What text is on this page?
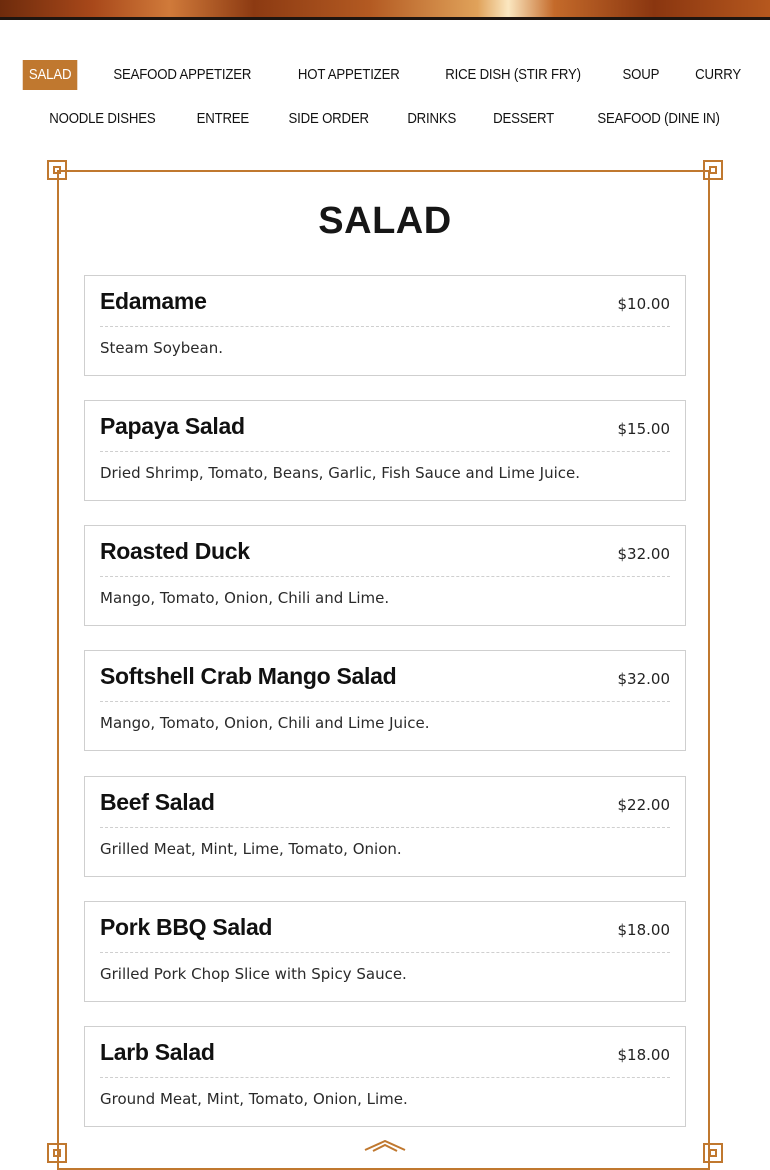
SALAD	SEAFOOD APPETIZER	HOT APPETIZER	RICE DISH (STIR FRY)	SOUP	CURRY
NOODLE DISHES	ENTREE	SIDE ORDER	DRINKS	DESSERT	SEAFOOD (DINE IN)
SALAD
Edamame	$10.00
Steam Soybean.
Papaya Salad	$15.00
Dried Shrimp, Tomato, Beans, Garlic, Fish Sauce and Lime Juice.
Roasted Duck	$32.00
Mango, Tomato, Onion, Chili and Lime.
Softshell Crab Mango Salad	$32.00
Mango, Tomato, Onion, Chili and Lime Juice.
Beef Salad	$22.00
Grilled Meat, Mint, Lime, Tomato, Onion.
Pork BBQ Salad	$18.00
Grilled Pork Chop Slice with Spicy Sauce.
Larb Salad	$18.00
Ground Meat, Mint, Tomato, Onion, Lime.
